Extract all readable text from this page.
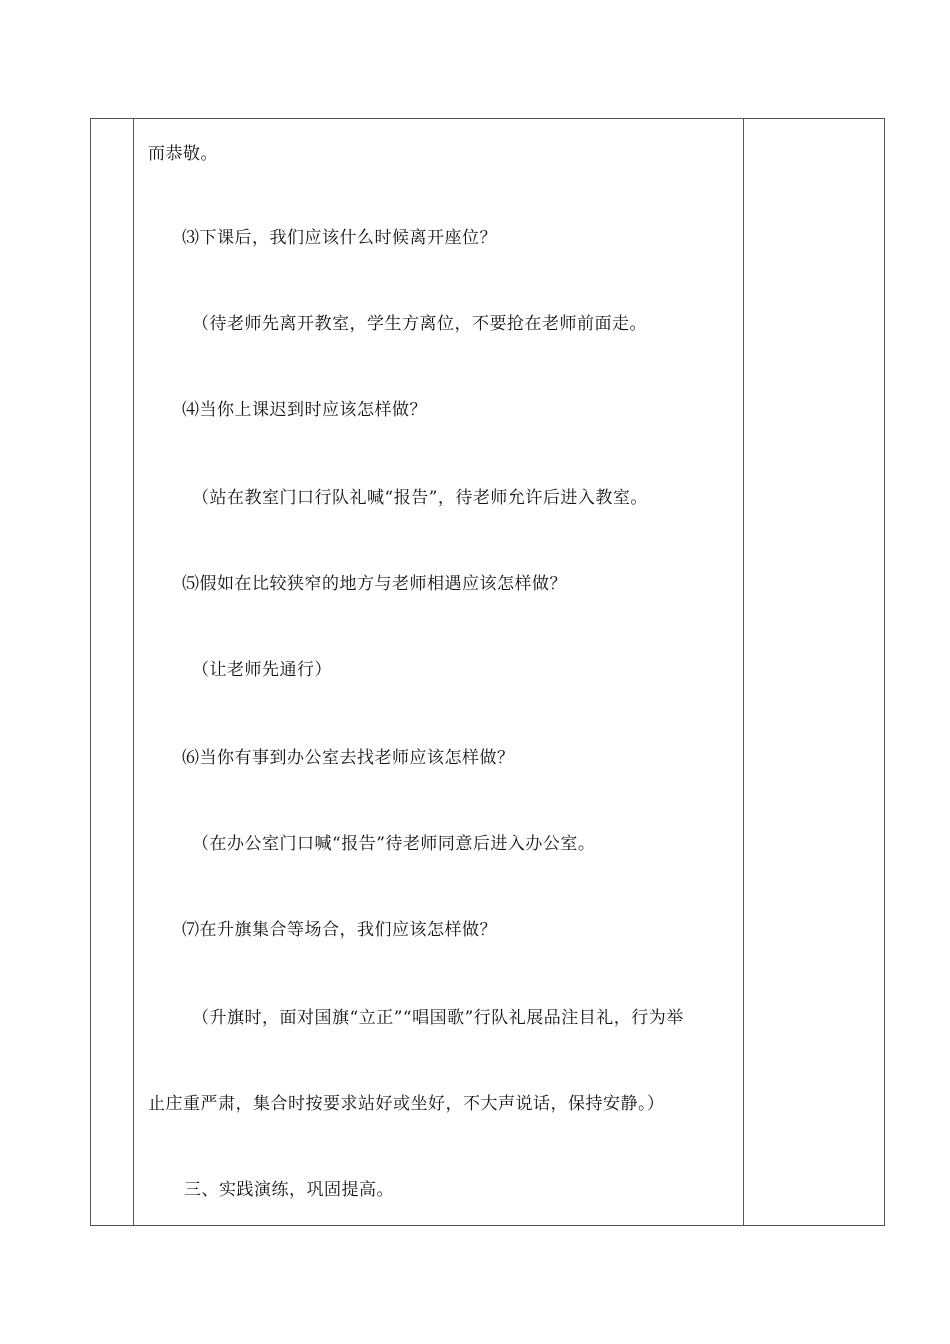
而恭敬。
⑶下课后，我们应该什么时候离开座位？
（待老师先离开教室，学生方离位，不要抢在老师前面走。
⑷当你上课迟到时应该怎样做？
（站在教室门口行队礼喊“报告”，待老师允许后进入教室。
⑸假如在比较狭窄的地方与老师相遇应该怎样做？
（让老师先通行）
⑹当你有事到办公室去找老师应该怎样做？
（在办公室门口喊“报告”待老师同意后进入办公室。
⑺在升旗集合等场合，我们应该怎样做？
（升旗时，面对国旗“立正”“唱国歌”行队礼展品注目礼，行为举
止庄重严肃，集合时按要求站好或坐好，不大声说话，保持安静。）
三、实践演练，巩固提高。
